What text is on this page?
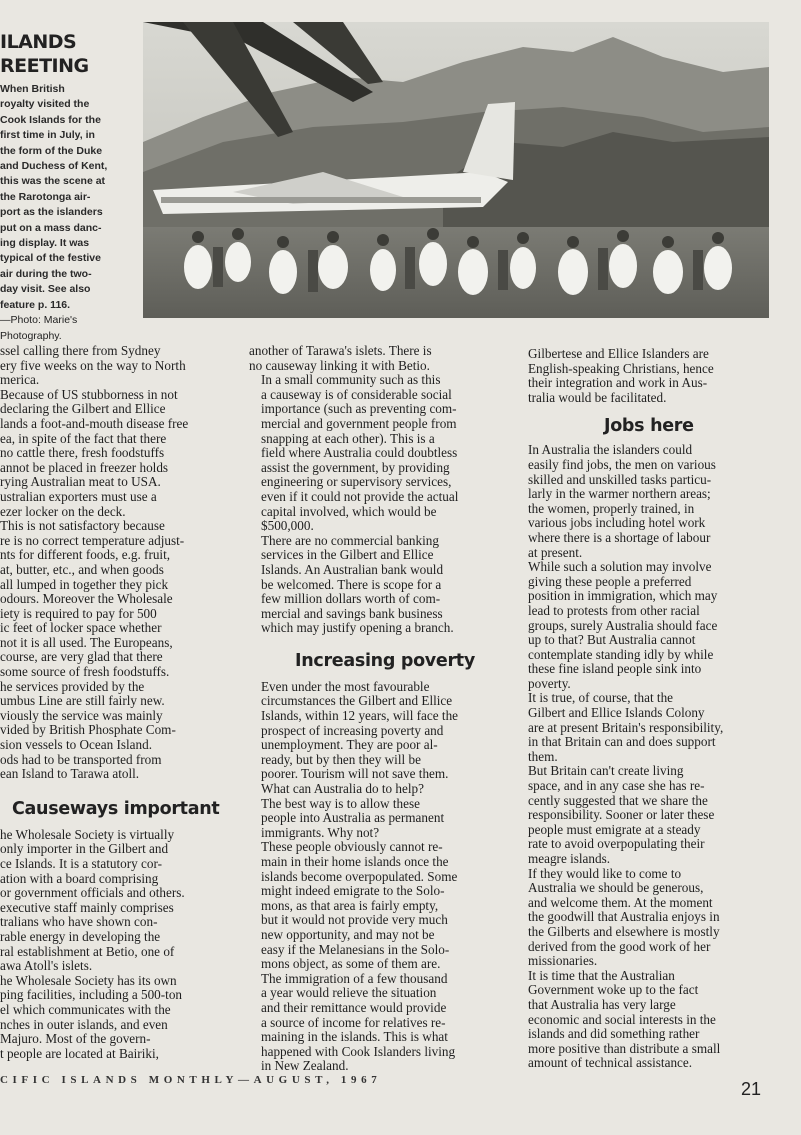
ILANDS
REETING
When British
royalty visited the
Cook Islands for the
first time in July, in
the form of the Duke
and Duchess of Kent,
this was the scene at
the Rarotonga air-
port as the islanders
put on a mass danc-
ing display. It was
typical of the festive
air during the two-
day visit. See also
feature p. 116.
—Photo: Marie's
Photography.

ssel calling there from Sydney
ery five weeks on the way to North
merica.

Because of US stubborness in not
declaring the Gilbert and Ellice
lands a foot-and-mouth disease free
ea, in spite of the fact that there
no cattle there, fresh foodstuffs
annot be placed in freezer holds
rying Australian meat to USA.
ustralian exporters must use a
ezer locker on the deck.

This is not satisfactory because
re is no correct temperature adjust-
nts for different foods, e.g. fruit,
at, butter, etc., and when goods
all lumped in together they pick
odours. Moreover the Wholesale
iety is required to pay for 500
ic feet of locker space whether
not it is all used. The Europeans,
course, are very glad that there
some source of fresh foodstuffs.

he services provided by the
umbus Line are still fairly new.
viously the service was mainly
vided by British Phosphate Com-
sion vessels to Ocean Island.
ods had to be transported from
ean Island to Tarawa atoll.

Causeways important

he Wholesale Society is virtually
only importer in the Gilbert and
ce Islands. It is a statutory cor-
ation with a board comprising
or government officials and others.
executive staff mainly comprises
tralians who have shown con-
rable energy in developing the
ral establishment at Betio, one of
awa Atoll's islets.

he Wholesale Society has its own
ping facilities, including a 500-ton
el which communicates with the
nches in outer islands, and even
Majuro. Most of the govern-
t people are located at Bairiki,

another of Tarawa's islets. There is
no causeway linking it with Betio.

In a small community such as this
a causeway is of considerable social
importance (such as preventing com-
mercial and government people from
snapping at each other). This is a
field where Australia could doubtless
assist the government, by providing
engineering or supervisory services,
even if it could not provide the actual
capital involved, which would be
$500,000.

There are no commercial banking
services in the Gilbert and Ellice
Islands. An Australian bank would
be welcomed. There is scope for a
few million dollars worth of com-
mercial and savings bank business
which may justify opening a branch.

Increasing poverty

Even under the most favourable
circumstances the Gilbert and Ellice
Islands, within 12 years, will face the
prospect of increasing poverty and
unemployment. They are poor al-
ready, but by then they will be
poorer. Tourism will not save them.

What can Australia do to help?

The best way is to allow these
people into Australia as permanent
immigrants. Why not?

These people obviously cannot re-
main in their home islands once the
islands become overpopulated. Some
might indeed emigrate to the Solo-
mons, as that area is fairly empty,
but it would not provide very much
new opportunity, and may not be
easy if the Melanesians in the Solo-
mons object, as some of them are.

The immigration of a few thousand
a year would relieve the situation
and their remittance would provide
a source of income for relatives re-
maining in the islands. This is what
happened with Cook Islanders living
in New Zealand.

Gilbertese and Ellice Islanders are
English-speaking Christians, hence
their integration and work in Aus-
tralia would be facilitated.

Jobs here

In Australia the islanders could
easily find jobs, the men on various
skilled and unskilled tasks particu-
larly in the warmer northern areas;
the women, properly trained, in
various jobs including hotel work
where there is a shortage of labour
at present.

While such a solution may involve
giving these people a preferred
position in immigration, which may
lead to protests from other racial
groups, surely Australia should face
up to that? But Australia cannot
contemplate standing idly by while
these fine island people sink into
poverty.

It is true, of course, that the
Gilbert and Ellice Islands Colony
are at present Britain's responsibility,
in that Britain can and does support
them.

But Britain can't create living
space, and in any case she has re-
cently suggested that we share the
responsibility. Sooner or later these
people must emigrate at a steady
rate to avoid overpopulating their
meagre islands.

If they would like to come to
Australia we should be generous,
and welcome them. At the moment
the goodwill that Australia enjoys in
the Gilberts and elsewhere is mostly
derived from the good work of her
missionaries.

It is time that the Australian
Government woke up to the fact
that Australia has very large
economic and social interests in the
islands and did something rather
more positive than distribute a small
amount of technical assistance.

CIFIC ISLANDS MONTHLY—AUGUST, 1967	21
